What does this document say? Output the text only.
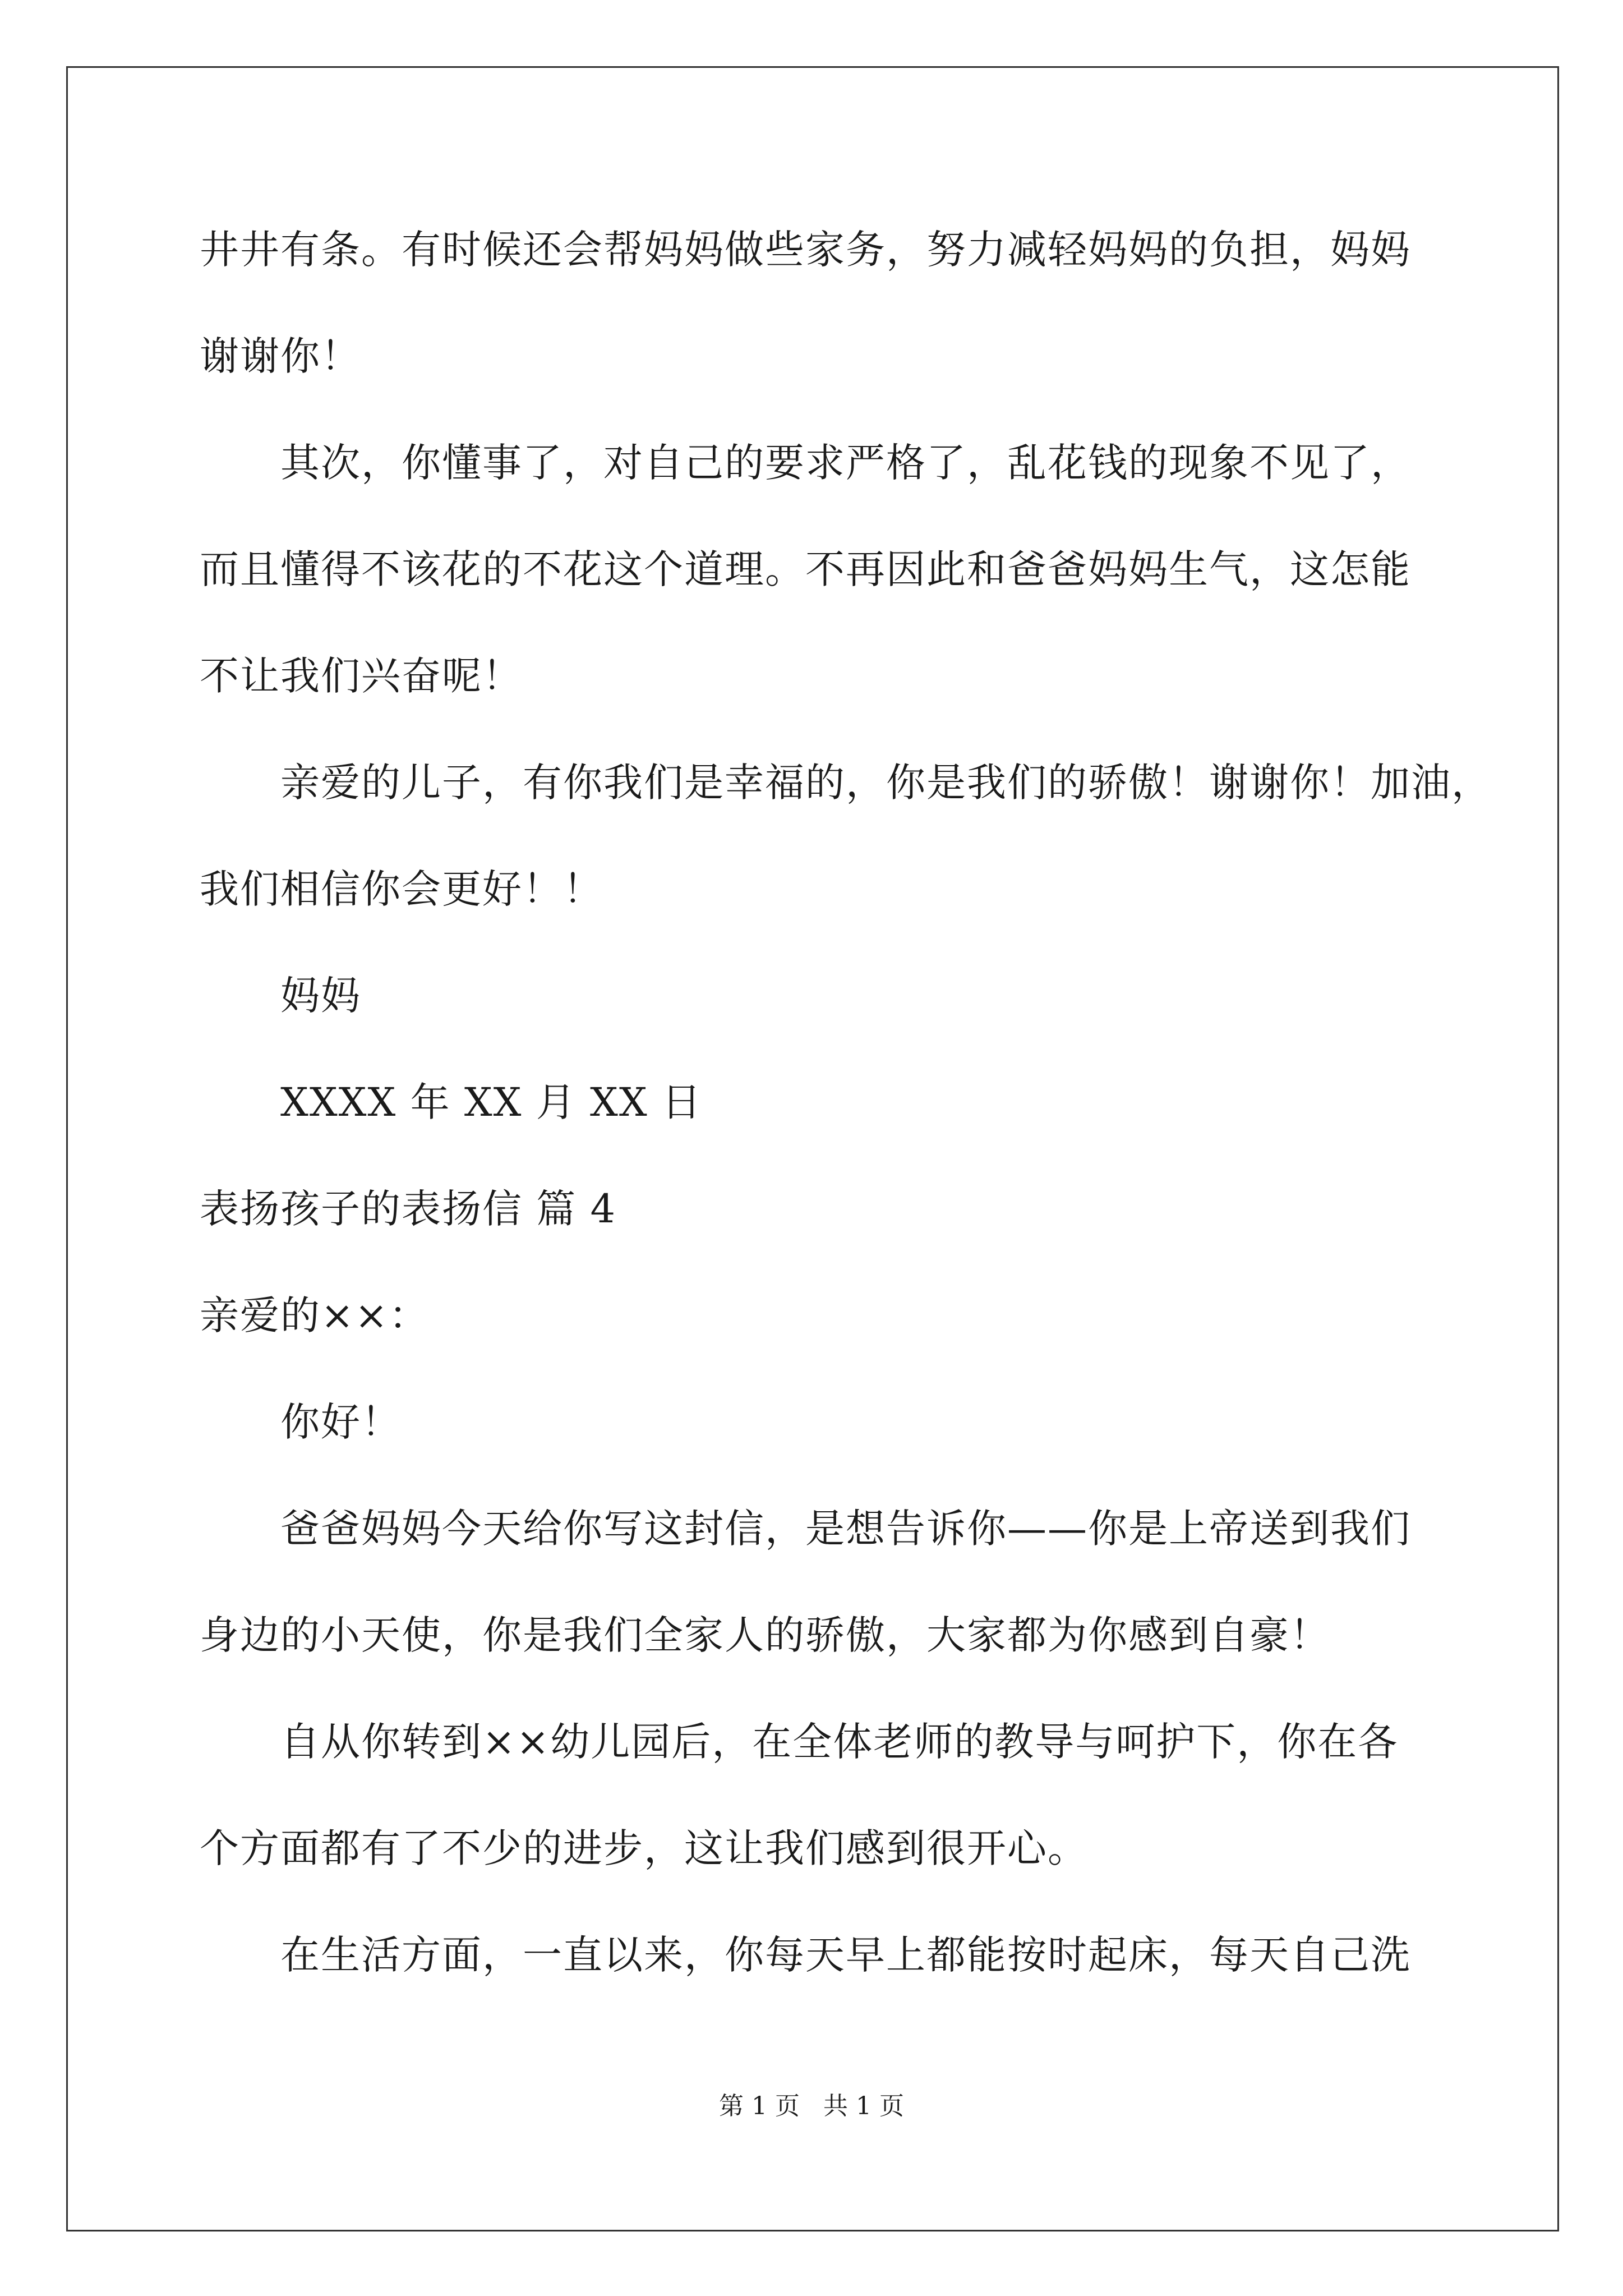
井井有条。有时候还会帮妈妈做些家务，努力减轻妈妈的负担，妈妈
谢谢你！
其次，你懂事了，对自己的要求严格了，乱花钱的现象不见了，
而且懂得不该花的不花这个道理。不再因此和爸爸妈妈生气，这怎能
不让我们兴奋呢！
亲爱的儿子，有你我们是幸福的，你是我们的骄傲！谢谢你！加油，
我们相信你会更好！！
妈妈
XXXX 年 XX 月 XX 日
表扬孩子的表扬信 篇 4
亲爱的××：
你好！
爸爸妈妈今天给你写这封信，是想告诉你——你是上帝送到我们
身边的小天使，你是我们全家人的骄傲，大家都为你感到自豪！
自从你转到××幼儿园后，在全体老师的教导与呵护下，你在各
个方面都有了不少的进步，这让我们感到很开心。
在生活方面，一直以来，你每天早上都能按时起床，每天自己洗
第 1 页   共 1 页
